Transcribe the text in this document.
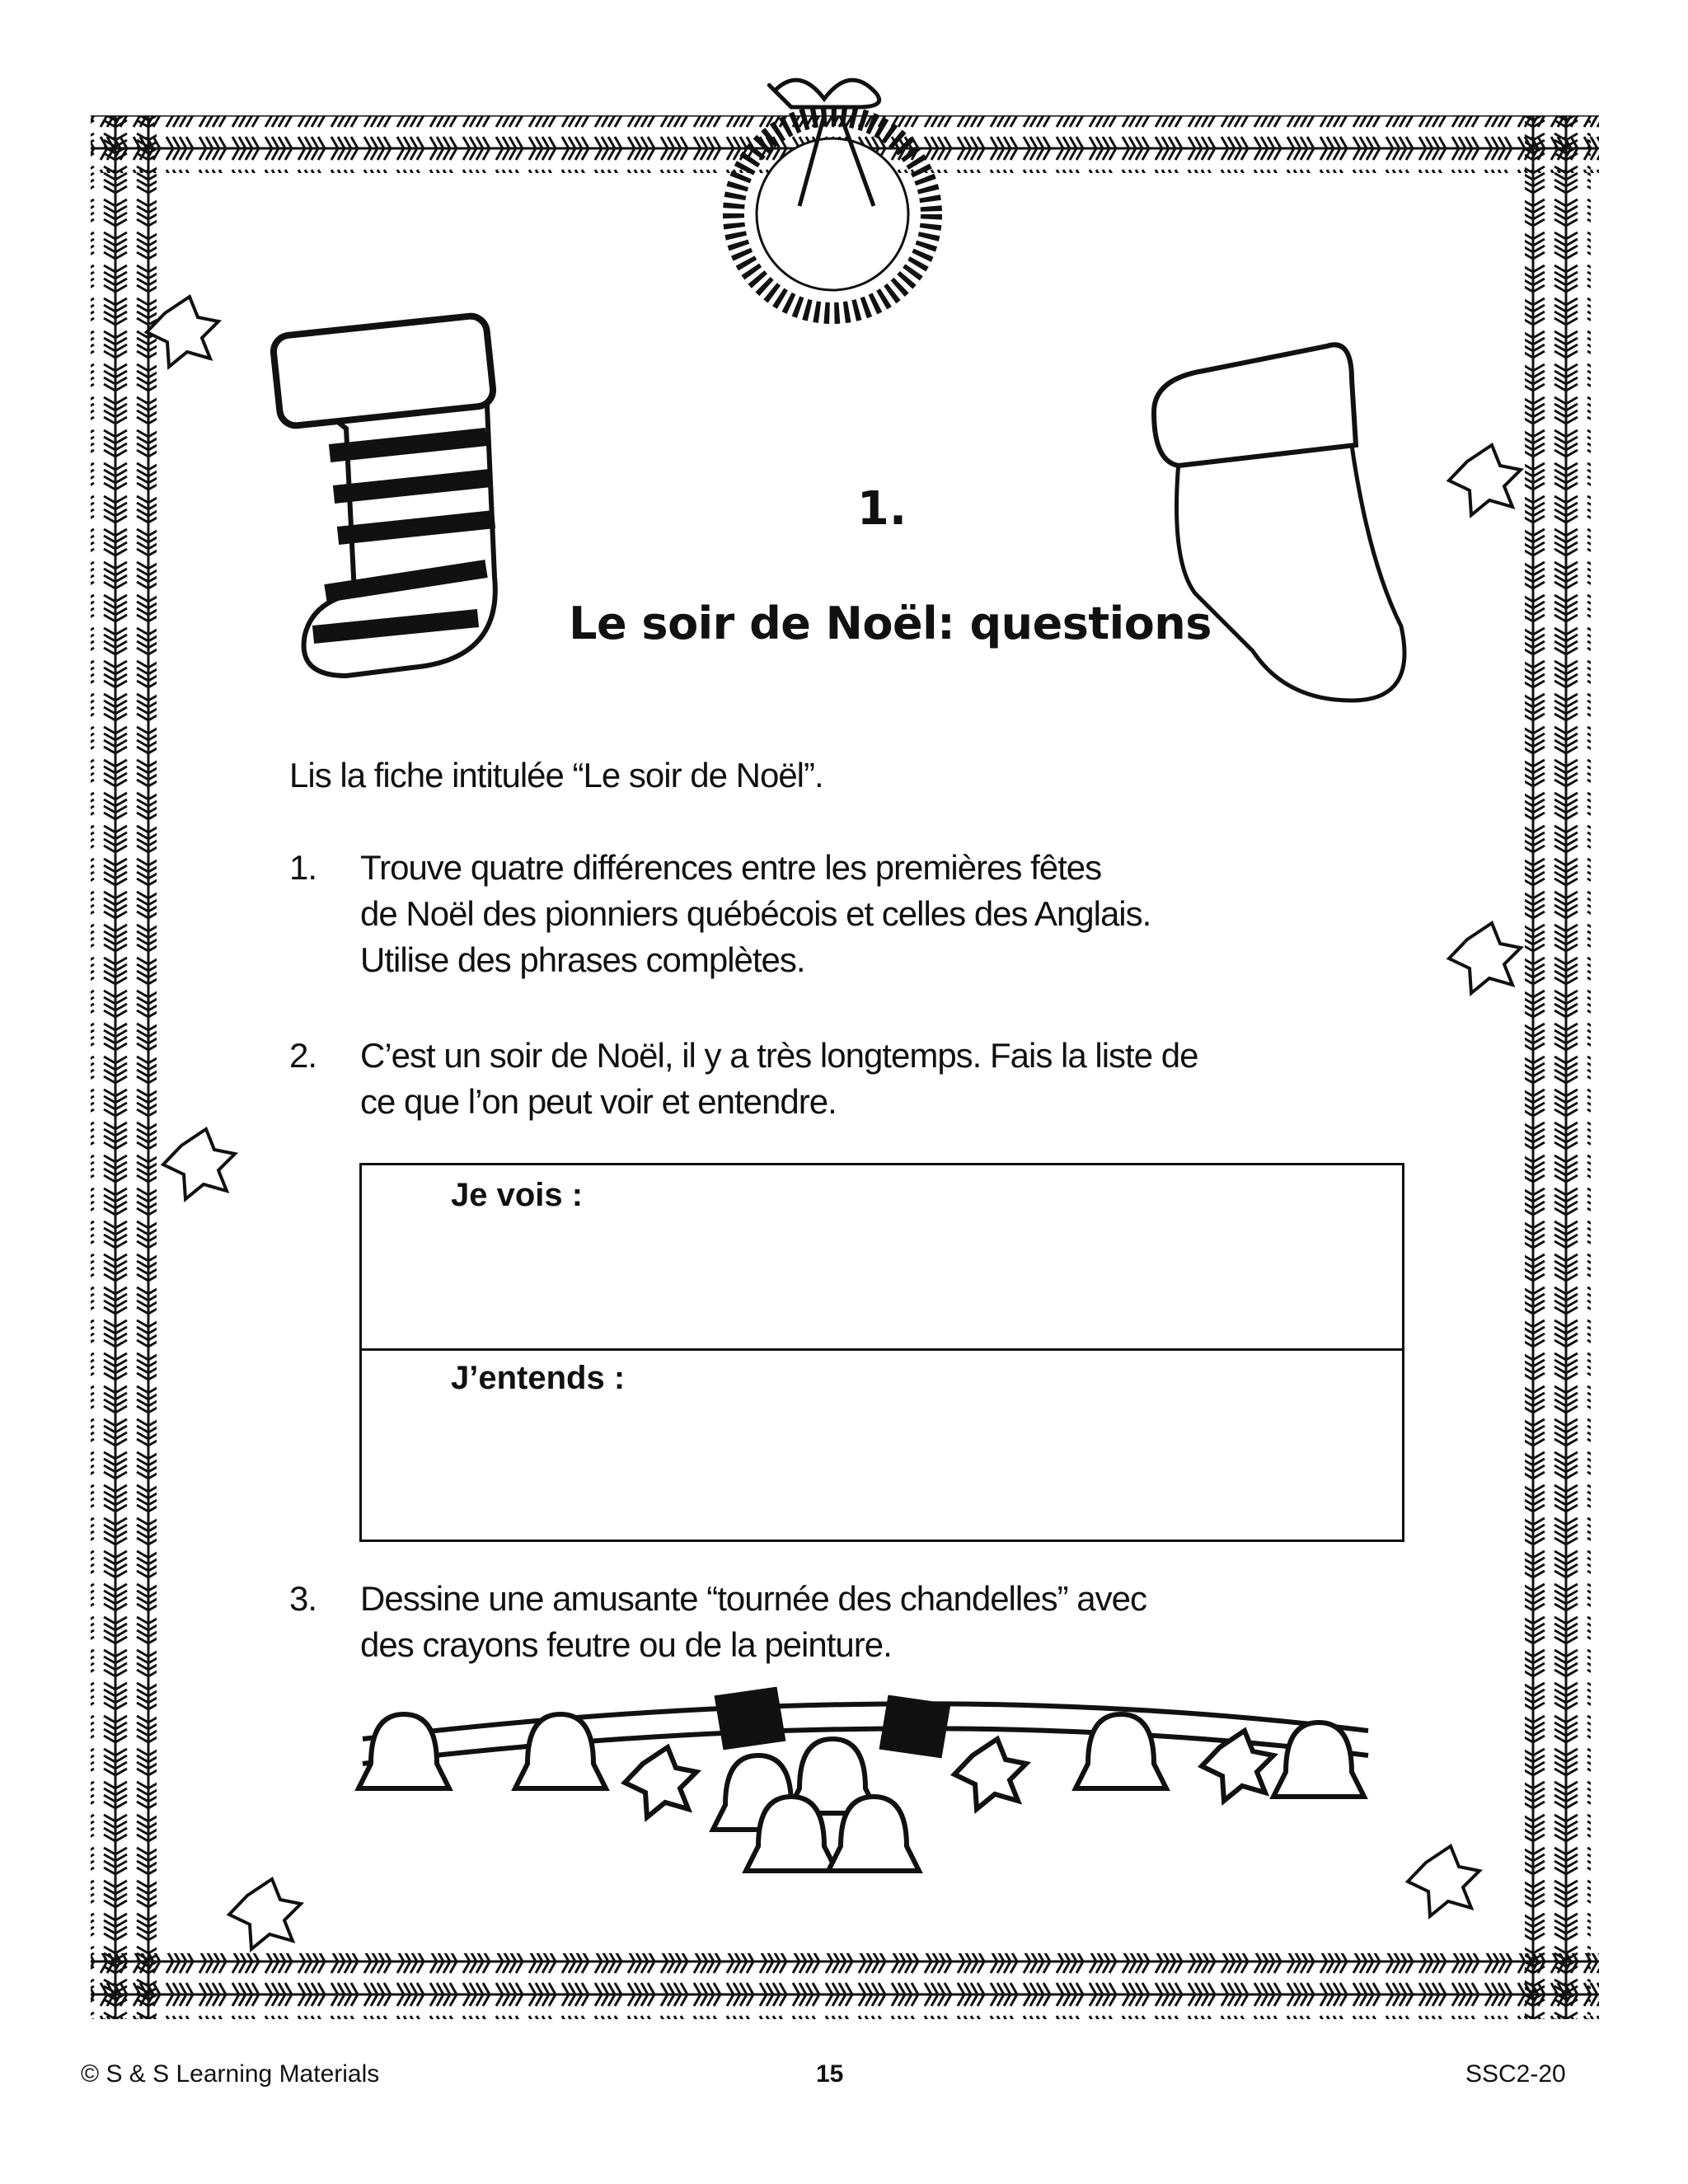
1.
Le soir de Noël: questions
Lis la fiche intitulée “Le soir de Noël”.
1.	Trouve quatre différences entre les premières fêtes
de Noël des pionniers québécois et celles des Anglais.
Utilise des phrases complètes.
2.	C’est un soir de Noël, il y a très longtemps. Fais la liste de
ce que l’on peut voir et entendre.
Je vois :
J’entends :
3.	Dessine une amusante “tournée des chandelles” avec
des crayons feutre ou de la peinture.
© S & S Learning Materials	15	SSC2-20
